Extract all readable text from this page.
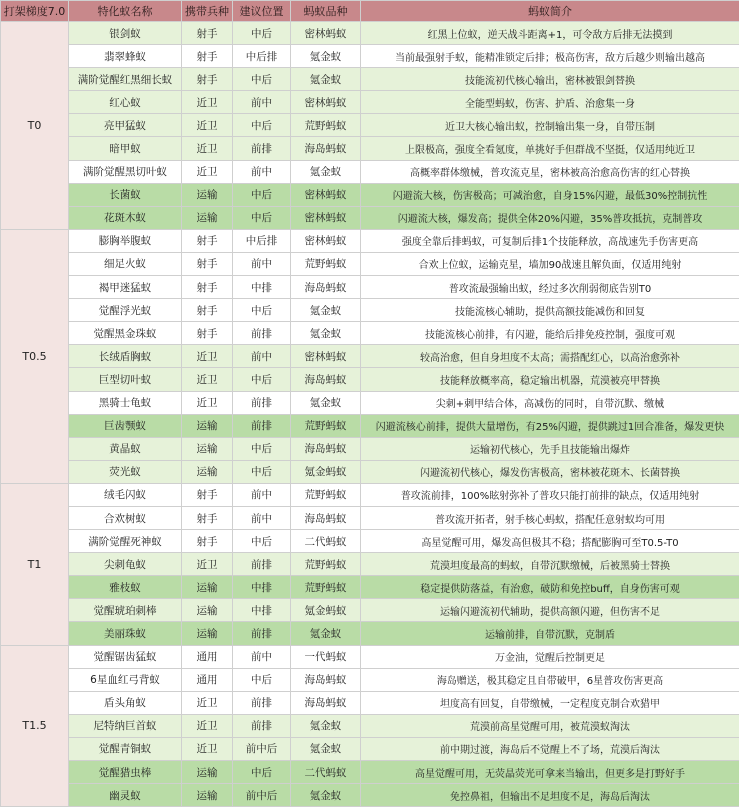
打架梯度7.0	特化蚁名称	携带兵种	建议位置	蚂蚁品种	蚂蚁简介
T0	银剑蚁	射手	中后	密林蚂蚁	红黑上位蚁，逆天战斗距离+1，可令敌方后排无法摸到
	翡翠蜂蚁	射手	中后排	氪金蚁	当前最强射手蚁，能精准锁定后排；极高伤害，敌方后越少则输出越高
	满阶觉醒红黑细长蚁	射手	中后	氪金蚁	技能流初代核心输出，密林被银剑替换
	红心蚁	近卫	前中	密林蚂蚁	全能型蚂蚁，伤害、护盾、治愈集一身
	亮甲猛蚁	近卫	中后	荒野蚂蚁	近卫大核心输出蚁，控制输出集一身，自带压制
	暗甲蚁	近卫	前排	海岛蚂蚁	上限极高，强度全看氪度，单挑好手但群战不坚挺，仅适用纯近卫
	满阶觉醒黑切叶蚁	近卫	前中	氪金蚁	高概率群体缴械，普攻流克星，密林被高治愈高伤害的红心替换
	长菌蚁	运输	中后	密林蚂蚁	闪避流大核，伤害极高；可减治愈，自身15%闪避，最低30%控制抗性
	花斑木蚁	运输	中后	密林蚂蚁	闪避流大核，爆发高；提供全体20%闪避，35%普攻抵抗，克制普攻
T0.5	膨胸举腹蚁	射手	中后排	密林蚂蚁	强度全靠后排蚂蚁，可复制后排1个技能释放，高战速先手伤害更高
	细足火蚁	射手	前中	荒野蚂蚁	合欢上位蚁，运输克星，墙加90战速且解负面，仅适用纯射
	褐甲迷猛蚁	射手	中排	海岛蚂蚁	普攻流最强输出蚁，经过多次削弱彻底告别T0
	觉醒浮光蚁	射手	中后	氪金蚁	技能流核心辅助，提供高额技能减伤和回复
	觉醒黑金珠蚁	射手	前排	氪金蚁	技能流核心前排，有闪避，能给后排免疫控制，强度可观
	长绒盾胸蚁	近卫	前中	密林蚂蚁	较高治愈，但自身坦度不太高；需搭配红心，以高治愈弥补
	巨型切叶蚁	近卫	中后	海岛蚂蚁	技能释放概率高，稳定输出机器，荒漠被亮甲替换
	黑骑士龟蚁	近卫	前排	氪金蚁	尖刺+刺甲结合体，高减伤的同时，自带沉默、缴械
	巨齿颚蚁	运输	前排	荒野蚂蚁	闪避流核心前排，提供大量增伤，有25%闪避，提供跳过1回合准备，爆发更快
	黄晶蚁	运输	中后	海岛蚂蚁	运输初代核心，先手且技能输出爆炸
	荧光蚁	运输	中后	氪金蚂蚁	闪避流初代核心，爆发伤害极高，密林被花斑木、长菌替换
T1	绒毛闪蚁	射手	前中	荒野蚂蚁	普攻流前排，100%眩射弥补了普攻只能打前排的缺点，仅适用纯射
	合欢树蚁	射手	前中	海岛蚂蚁	普攻流开拓者，射手核心蚂蚁，搭配任意射蚁均可用
	满阶觉醒死神蚁	射手	中后	二代蚂蚁	高星觉醒可用，爆发高但极其不稳；搭配膨胸可至T0.5-T0
	尖刺龟蚁	近卫	前排	荒野蚂蚁	荒漠坦度最高的蚂蚁，自带沉默缴械，后被黑骑士替换
	雅枝蚁	运输	中排	荒野蚂蚁	稳定提供防落益，有治愈，破防和免控buff，自身伤害可观
	觉醒琥珀刺棒	运输	中排	氪金蚂蚁	运输闪避流初代辅助，提供高额闪避，但伤害不足
	美丽珠蚁	运输	前排	氪金蚁	运输前排，自带沉默，克制盾
T1.5	觉醒锯齿猛蚁	通用	前中	一代蚂蚁	万金油，觉醒后控制更足
	6星血红弓背蚁	通用	中后	海岛蚂蚁	海岛赠送，极其稳定且自带破甲，6星普攻伤害更高
	盾头角蚁	近卫	前排	海岛蚂蚁	坦度高有回复，自带缴械，一定程度克制合欢猎甲
	尼特纳巨首蚁	近卫	前排	氪金蚁	荒漠前高星觉醒可用，被荒漠蚁淘汰
	觉醒青铜蚁	近卫	前中后	氪金蚁	前中期过渡，海岛后不觉醒上不了场，荒漠后淘汰
	觉醒猎虫棒	运输	中后	二代蚂蚁	高星觉醒可用，无荧晶荧光可拿来当输出，但更多是打野好手
	幽灵蚁	运输	前中后	氪金蚁	免控鼻祖，但输出不足坦度不足，海岛后淘汰
